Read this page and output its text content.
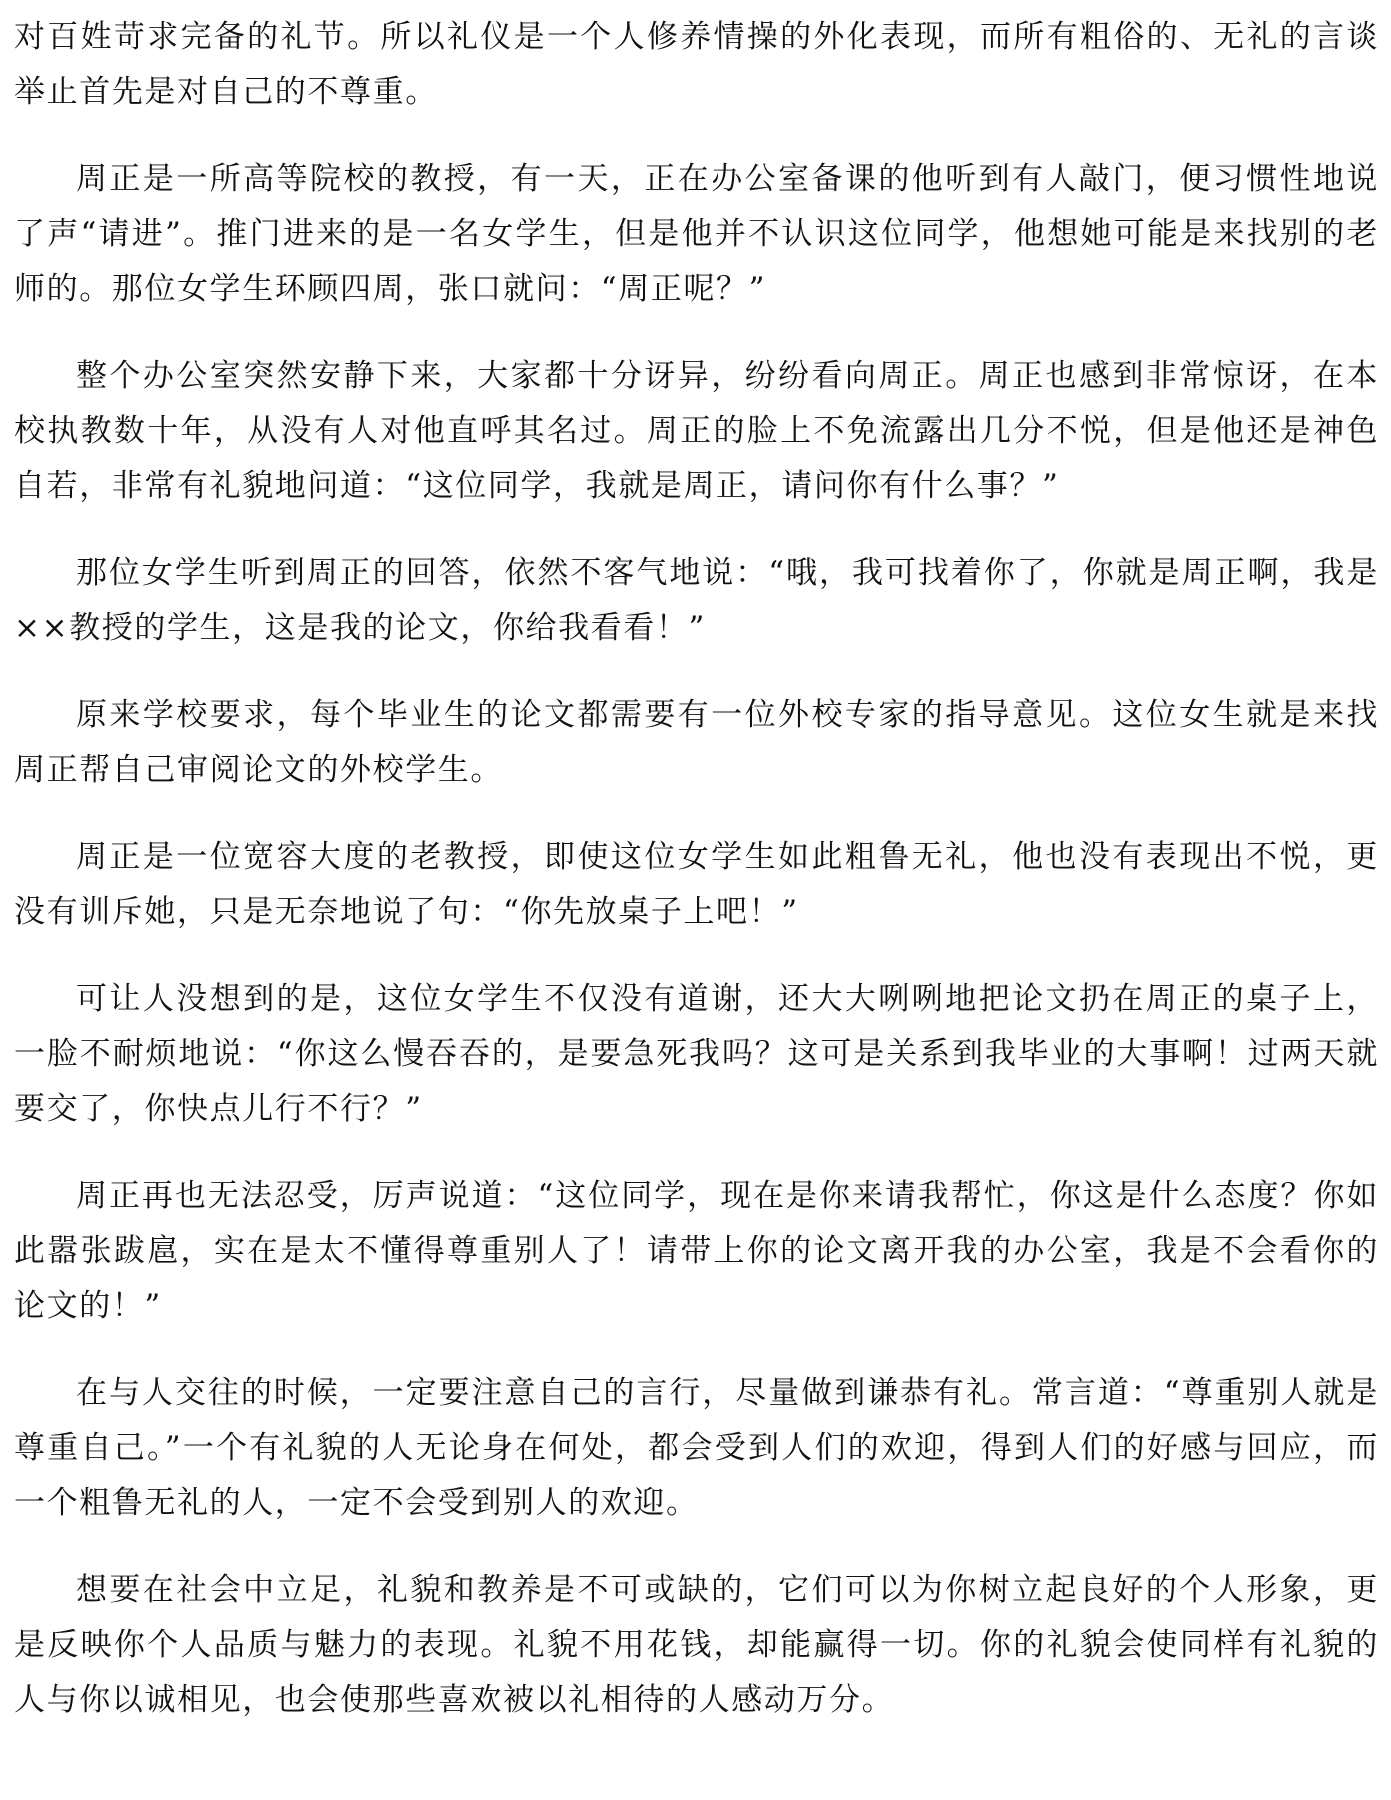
对百姓苛求完备的礼节。所以礼仪是一个人修养情操的外化表现，而所有粗俗的、无礼的言谈举止首先是对自己的不尊重。

周正是一所高等院校的教授，有一天，正在办公室备课的他听到有人敲门，便习惯性地说了声“请进”。推门进来的是一名女学生，但是他并不认识这位同学，他想她可能是来找别的老师的。那位女学生环顾四周，张口就问：“周正呢？”

整个办公室突然安静下来，大家都十分讶异，纷纷看向周正。周正也感到非常惊讶，在本校执教数十年，从没有人对他直呼其名过。周正的脸上不免流露出几分不悦，但是他还是神色自若，非常有礼貌地问道：“这位同学，我就是周正，请问你有什么事？”

那位女学生听到周正的回答，依然不客气地说：“哦，我可找着你了，你就是周正啊，我是××教授的学生，这是我的论文，你给我看看！”

原来学校要求，每个毕业生的论文都需要有一位外校专家的指导意见。这位女生就是来找周正帮自己审阅论文的外校学生。

周正是一位宽容大度的老教授，即使这位女学生如此粗鲁无礼，他也没有表现出不悦，更没有训斥她，只是无奈地说了句：“你先放桌子上吧！”

可让人没想到的是，这位女学生不仅没有道谢，还大大咧咧地把论文扔在周正的桌子上，一脸不耐烦地说：“你这么慢吞吞的，是要急死我吗？这可是关系到我毕业的大事啊！过两天就要交了，你快点儿行不行？”

周正再也无法忍受，厉声说道：“这位同学，现在是你来请我帮忙，你这是什么态度？你如此嚣张跋扈，实在是太不懂得尊重别人了！请带上你的论文离开我的办公室，我是不会看你的论文的！”

在与人交往的时候，一定要注意自己的言行，尽量做到谦恭有礼。常言道：“尊重别人就是尊重自己。”一个有礼貌的人无论身在何处，都会受到人们的欢迎，得到人们的好感与回应，而一个粗鲁无礼的人，一定不会受到别人的欢迎。

想要在社会中立足，礼貌和教养是不可或缺的，它们可以为你树立起良好的个人形象，更是反映你个人品质与魅力的表现。礼貌不用花钱，却能赢得一切。你的礼貌会使同样有礼貌的人与你以诚相见，也会使那些喜欢被以礼相待的人感动万分。
